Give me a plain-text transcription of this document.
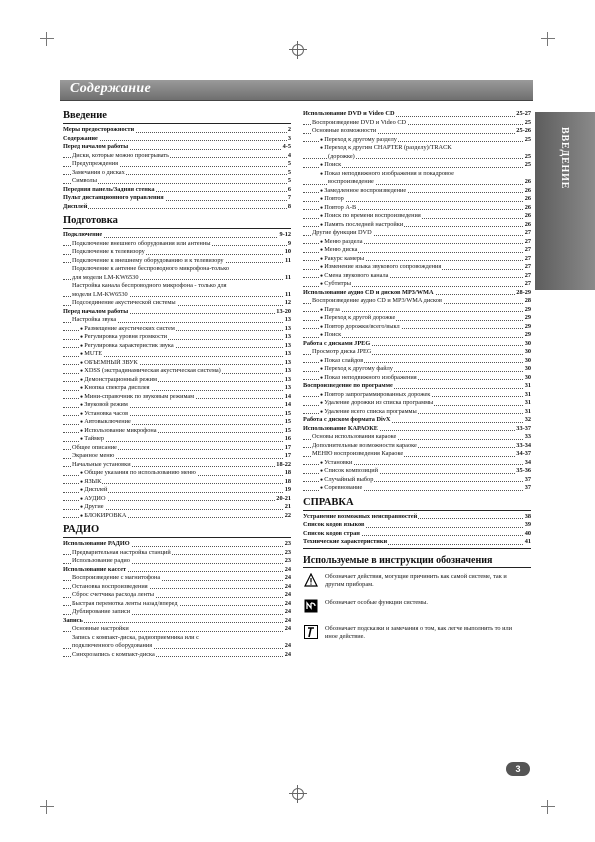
Содержание
ВВЕДЕНИЕ
Введение
Меры предосторожности	2
Содержание	3
Перед началом работы	4-5
Диски, которые можно проигрывать	4
Предупреждения	5
Замечания о дисках	5
Символы	5
Передняя панель/Задняя стенка	6
Пульт дистанционного управления	7
Дисплей	8
Подготовка
Подключение	9-12
Подключение внешнего оборудования или антенны	9
Подключение к телевизору	10
Подключение к внешнему оборудованию и к телевизору	11
Подключение к антенне беспроводного микрофона-только
для модели LM-KW6530	11
Настройка канала беспроводного микрофона - только для
модели LM-KW6530	11
Подсоединение акустической системы	12
Перед началом работы	13-20
Настройка звука	13
● Размещение акустических систем	13
● Регулировка уровня громкости	13
● Регулировка характеристик звука	13
● MUTE	13
● ОБЪЕМНЫЙ ЗВУК	13
● XDSS (экстрадинамическая акустическая система)	13
● Демонстрационный режим	13
● Кнопка спектра дисплея	13
● Мини-справочник по звуковым режимам	14
● Звуковой режим	14
● Установка часов	15
● Автовыключение	15
● Использование микрофона	15
● Таймер	16
Общее описание	17
Экранное меню	17
Начальные установки	18-22
● Общие указания по использованию меню	18
● ЯЗЫК	18
● Дисплей	19
● АУДИО	20-21
● Другие	21
● БЛОКИРОВКА	22
РАДИО
Использование РАДИО	23
Предварительная настройка станций	23
Использование радио	23
Использование кассет	24
Воспроизведение с магнитофона	24
Остановка воспроизведения	24
Сброс счетчика расхода ленты	24
Быстрая перемотка ленты назад/вперед	24
Дублирование записи	24
Запись	24
Основные настройки	24
Запись с компакт-диска, радиоприемника или с
подключенного оборудования	24
Синхрозапись с компакт-диска	24
Использование DVD и Video CD	25-27
Воспроизведение DVD и Video CD	25
Основные возможности	25-26
● Переход к другому разделу	25
● Переход к другим CHAPTER (разделу)/TRACK
(дорожке)	25
● Поиск	25
● Показ неподвижного изображения и покадровое
воспроизведение	26
● Замедленное воспроизведение	26
● Повтор	26
● Повтор A-B	26
● Поиск по времени воспроизведения	26
● Память последней настройки	26
Другие функции DVD	27
● Меню раздела	27
● Меню диска	27
● Ракурс камеры	27
● Изменение языка звукового сопровождения	27
● Смена звукового канала	27
● Субтитры	27
Использование аудио CD и дисков MP3/WMA	28-29
Воспроизведение аудио CD и MP3/WMA дисков	28
● Пауза	29
● Переход к другой дорожке	29
● Повтор дорожки/всего/выкл	29
● Поиск	29
Работа с дисками JPEG	30
Просмотр диска JPEG	30
● Показ слайдов	30
● Переход к другому файлу	30
● Показ неподвижного изображения	30
Воспроизведение по программе	31
● Повтор запрограммированных дорожек	31
● Удаление дорожки из списка программы	31
● Удаление всего списка программы	31
Работа с диском формата DivX	32
Использование КАРАОКЕ	33-37
Основы использования караоке	33
Дополнительные возможности караоке	33-34
МЕНЮ воспроизведения Караоке	34-37
● Установки	34
● Список композиций	35-36
● Случайный выбор	37
● Соревнование	37
СПРАВКА
Устранение возможных неисправностей	38
Список кодов языков	39
Список кодов стран	40
Технические характеристики	41
Используемые в инструкции обозначения
Обозначает действия, могущие причинить как самой системе, так и другим приборам.
Обозначает особые функции системы.
Обозначает подсказки и замечания о том, как легче выполнить то или иное действие.
3
